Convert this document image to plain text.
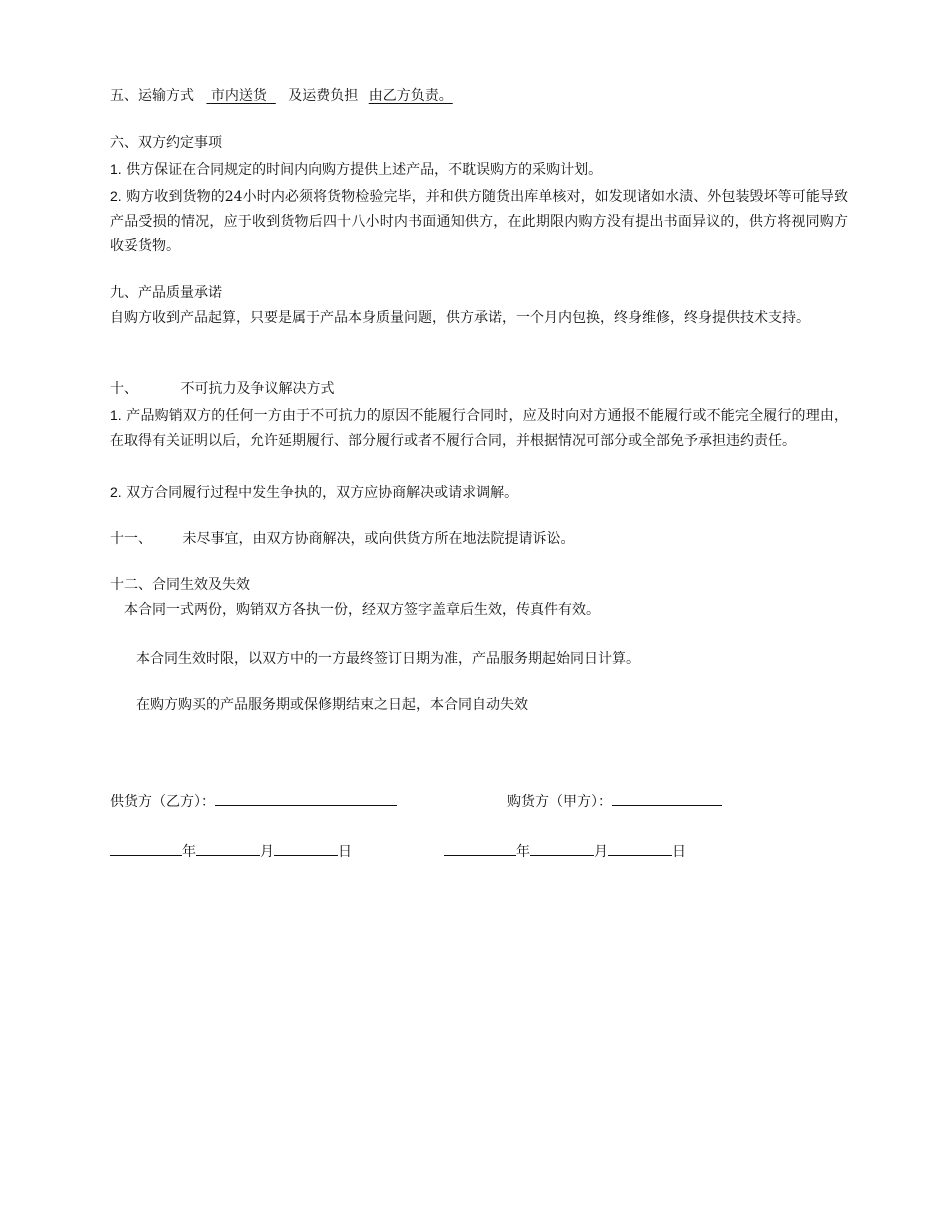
五、运输方式 市内送货 及运费负担 由乙方负责。
六、双方约定事项
1. 供方保证在合同规定的时间内向购方提供上述产品，不耽误购方的采购计划。
2. 购方收到货物的24小时内必须将货物检验完毕，并和供方随货出库单核对，如发现诸如水渍、外包装毁坏等可能导致产品受损的情况，应于收到货物后四十八小时内书面通知供方，在此期限内购方没有提出书面异议的，供方将视同购方收妥货物。
九、产品质量承诺
自购方收到产品起算，只要是属于产品本身质量问题，供方承诺，一个月内包换，终身维修，终身提供技术支持。
十、	不可抗力及争议解决方式
1. 产品购销双方的任何一方由于不可抗力的原因不能履行合同时，应及时向对方通报不能履行或不能完全履行的理由，在取得有关证明以后，允许延期履行、部分履行或者不履行合同，并根据情况可部分或全部免予承担违约责任。
2. 双方合同履行过程中发生争执的，双方应协商解决或请求调解。
十一、 未尽事宜，由双方协商解决，或向供货方所在地法院提请诉讼。
十二、合同生效及失效
本合同一式两份，购销双方各执一份，经双方签字盖章后生效，传真件有效。
本合同生效时限，以双方中的一方最终签订日期为准，产品服务期起始同日计算。
在购方购买的产品服务期或保修期结束之日起，本合同自动失效
供货方（乙方）：	购货方（甲方）：
年	月	日	年	月	日
